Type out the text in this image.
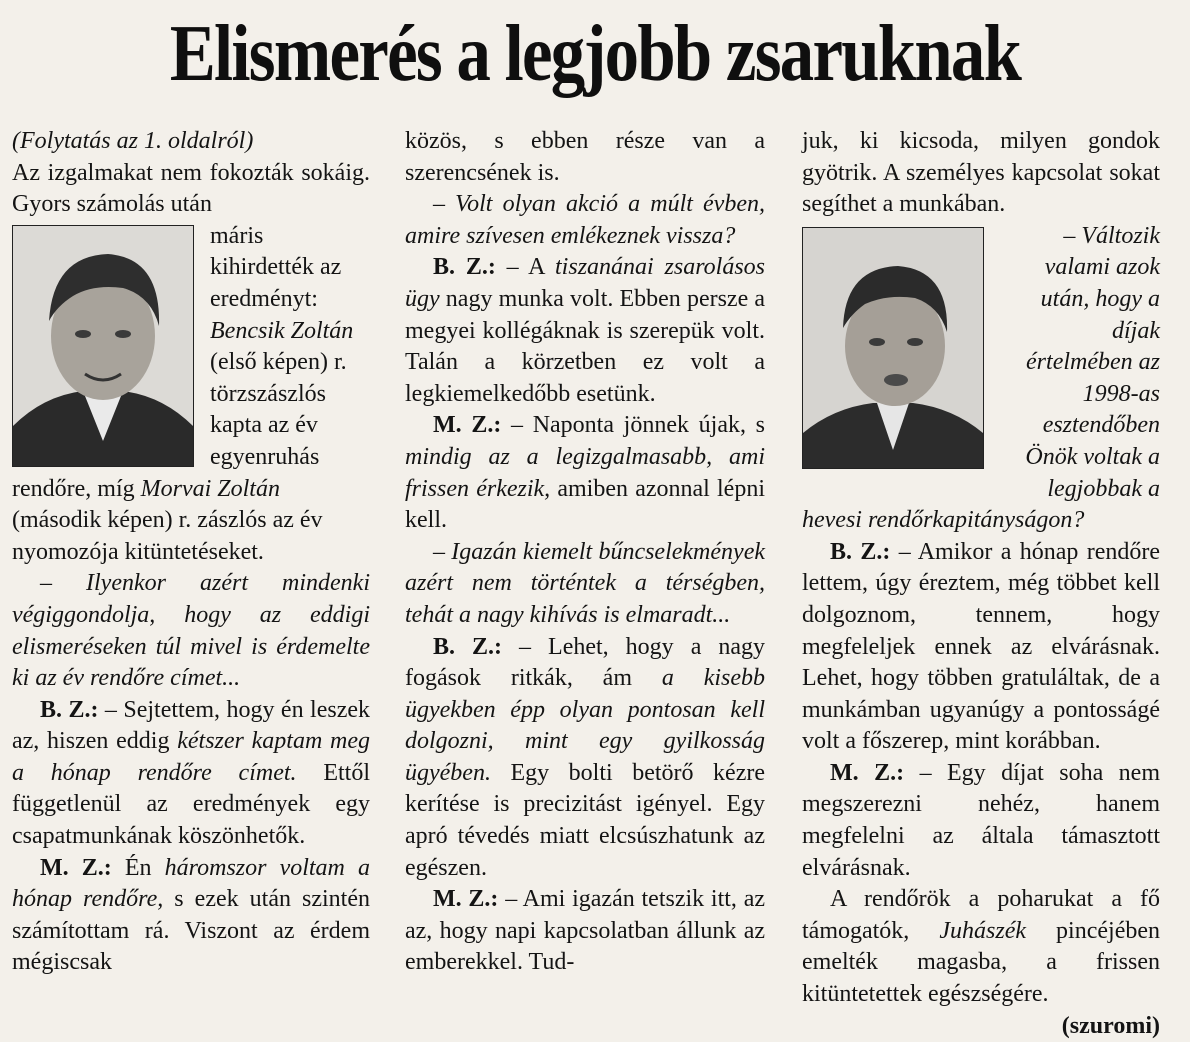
Elismerés a legjobb zsaruknak

(Folytatás az 1. oldalról)

Az izgalmakat nem fokozták sokáig. Gyors számolás után

máris kihirdették az eredményt: Bencsik Zoltán (első képen) r. törzszászlós kapta az év egyenruhás rendőre, míg Morvai Zoltán (második képen) r. zászlós az év nyomozója kitüntetéseket.

– Ilyenkor azért mindenki végiggondolja, hogy az eddigi elismeréseken túl mivel is érdemelte ki az év rendőre címet...

B. Z.: – Sejtettem, hogy én leszek az, hiszen eddig kétszer kaptam meg a hónap rendőre címet. Ettől függetlenül az eredmények egy csapatmunkának köszönhetők.

M. Z.: Én háromszor voltam a hónap rendőre, s ezek után szintén számítottam rá. Viszont az érdem mégiscsak

közös, s ebben része van a szerencsének is.

– Volt olyan akció a múlt évben, amire szívesen emlékeznek vissza?

B. Z.: – A tiszanánai zsarolásos ügy nagy munka volt. Ebben persze a megyei kollégáknak is szerepük volt. Talán a körzetben ez volt a legkiemelkedőbb esetünk.

M. Z.: – Naponta jönnek újak, s mindig az a legizgalmasabb, ami frissen érkezik, amiben azonnal lépni kell.

– Igazán kiemelt bűncselekmények azért nem történtek a térségben, tehát a nagy kihívás is elmaradt...

B. Z.: – Lehet, hogy a nagy fogások ritkák, ám a kisebb ügyekben épp olyan pontosan kell dolgozni, mint egy gyilkosság ügyében. Egy bolti betörő kézre kerítése is precizitást igényel. Egy apró tévedés miatt elcsúszhatunk az egészen.

M. Z.: – Ami igazán tetszik itt, az az, hogy napi kapcsolatban állunk az emberekkel. Tud-

juk, ki kicsoda, milyen gondok gyötrik. A személyes kapcsolat sokat segíthet a munkában.

– Változik valami azok után, hogy a díjak értelmében az 1998-as esztendőben Önök voltak a legjobbak a

hevesi rendőrkapitányságon?

B. Z.: – Amikor a hónap rendőre lettem, úgy éreztem, még többet kell dolgoznom, tennem, hogy megfeleljek ennek az elvárásnak. Lehet, hogy többen gratuláltak, de a munkámban ugyanúgy a pontosságé volt a főszerep, mint korábban.

M. Z.: – Egy díjat soha nem megszerezni nehéz, hanem megfelelni az általa támasztott elvárásnak.

A rendőrök a poharukat a fő támogatók, Juhászék pincéjében emelték magasba, a frissen kitüntetettek egészségére.

(szuromi)
